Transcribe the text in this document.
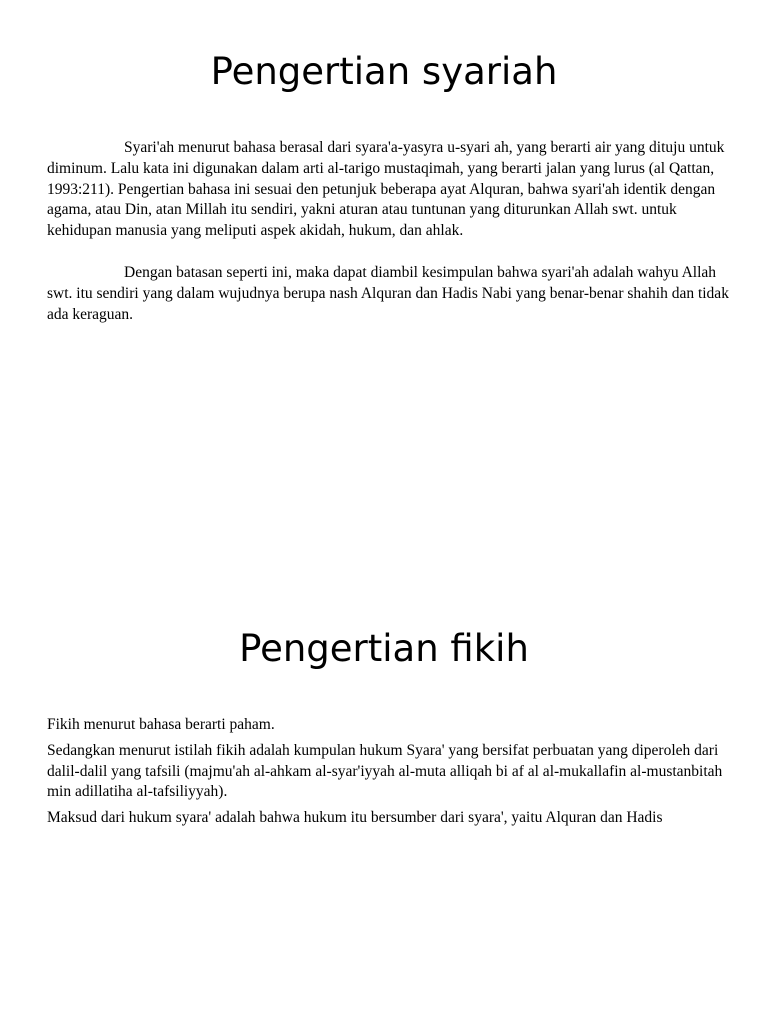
Pengertian syariah

Syari'ah menurut bahasa berasal dari syara'a-yasyra u-syari ah, yang berarti air yang dituju untuk diminum. Lalu kata ini digunakan dalam arti al-tarigo mustaqimah, yang berarti jalan yang lurus (al Qattan, 1993:211). Pengertian bahasa ini sesuai den petunjuk beberapa ayat Alquran, bahwa syari'ah identik dengan agama, atau Din, atan Millah itu sendiri, yakni aturan atau tuntunan yang diturunkan Allah swt. untuk kehidupan manusia yang meliputi aspek akidah, hukum, dan ahlak.

Dengan batasan seperti ini, maka dapat diambil kesimpulan bahwa syari'ah adalah wahyu Allah swt. itu sendiri yang dalam wujudnya berupa nash Alquran dan Hadis Nabi yang benar-benar shahih dan tidak ada keraguan.

Pengertian fikih

Fikih menurut bahasa berarti paham.

Sedangkan menurut istilah fikih adalah kumpulan hukum Syara' yang bersifat perbuatan yang diperoleh dari dalil-dalil yang tafsili (majmu'ah al-ahkam al-syar'iyyah al-muta alliqah bi af al al-mukallafin al-mustanbitah min adillatiha al-tafsiliyyah).

Maksud dari hukum syara' adalah bahwa hukum itu bersumber dari syara', yaitu Alquran dan Hadis
